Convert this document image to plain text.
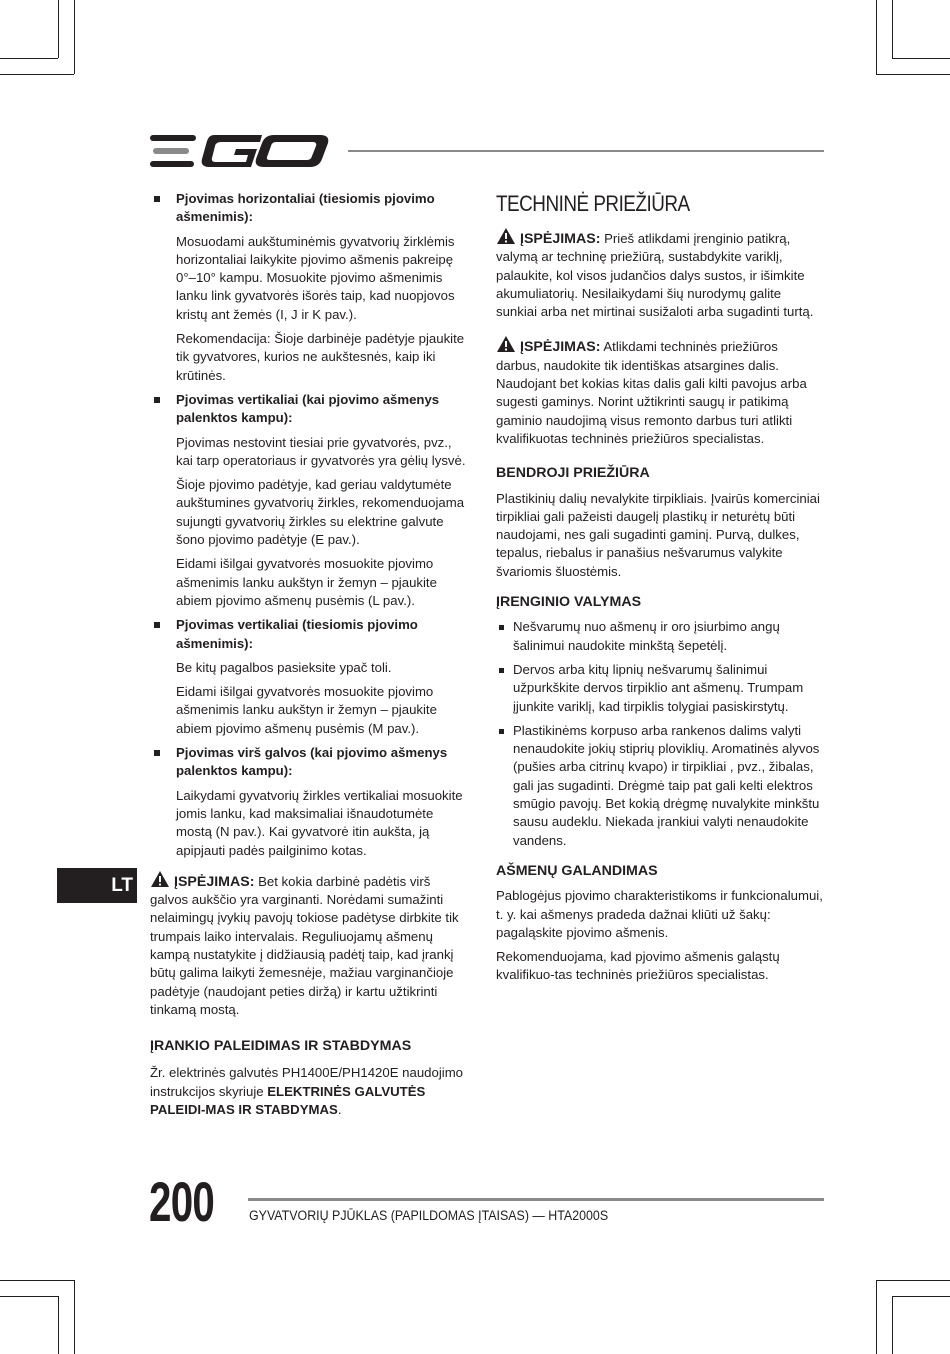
Pjovimas horizontaliai (tiesiomis pjovimo ašmenimis):
Mosuodami aukštuminėmis gyvatvorių žirklėmis horizontaliai laikykite pjovimo ašmenis pakreipę 0°–10° kampu. Mosuokite pjovimo ašmenimis lanku link gyvatvorės išorės taip, kad nuopjovos kristų ant žemės (I, J ir K pav.).
Rekomendacija: Šioje darbinėje padėtyje pjaukite tik gyvatvores, kurios ne aukštesnės, kaip iki krūtinės.
Pjovimas vertikaliai (kai pjovimo ašmenys palenktos kampu):
Pjovimas nestovint tiesiai prie gyvatvorės, pvz., kai tarp operatoriaus ir gyvatvorės yra gėlių lysvė.
Šioje pjovimo padėtyje, kad geriau valdytumėte aukštumines gyvatvorių žirkles, rekomenduojama sujungti gyvatvorių žirkles su elektrine galvute šono pjovimo padėtyje (E pav.).
Eidami išilgai gyvatvorės mosuokite pjovimo ašmenimis lanku aukštyn ir žemyn – pjaukite abiem pjovimo ašmenų pusėmis (L pav.).
Pjovimas vertikaliai (tiesiomis pjovimo ašmenimis):
Be kitų pagalbos pasieksite ypač toli.
Eidami išilgai gyvatvorės mosuokite pjovimo ašmenimis lanku aukštyn ir žemyn – pjaukite abiem pjovimo ašmenų pusėmis (M pav.).
Pjovimas virš galvos (kai pjovimo ašmenys palenktos kampu):
Laikydami gyvatvorių žirkles vertikaliai mosuokite jomis lanku, kad maksimaliai išnaudotumėte mostą (N pav.). Kai gyvatvorė itin aukšta, ją apipjauti padės pailginimo kotas.
ĮSPĖJIMAS: Bet kokia darbinė padėtis virš galvos aukščio yra varginanti. Norėdami sumažinti nelaimingų įvykių pavojų tokiose padėtyse dirbkite tik trumpais laiko intervalais. Reguliuojamų ašmenų kampą nustatykite į didžiausią padėtį taip, kad įrankį būtų galima laikyti žemesnėje, mažiau varginančioje padėtyje (naudojant peties diržą) ir kartu užtikrinti tinkamą mostą.
ĮRANKIO PALEIDIMAS IR STABDYMAS
Žr. elektrinės galvutės PH1400E/PH1420E naudojimo instrukcijos skyriuje ELEKTRINĖS GALVUTĖS PALEIDI-MAS IR STABDYMAS.
TECHNINĖ PRIEŽIŪRA
ĮSPĖJIMAS: Prieš atlikdami įrenginio patikrą, valymą ar techninę priežiūrą, sustabdykite variklį, palaukite, kol visos judančios dalys sustos, ir išimkite akumuliatorių. Nesilaikydami šių nurodymų galite sunkiai arba net mirtinai susižaloti arba sugadinti turtą.
ĮSPĖJIMAS: Atlikdami techninės priežiūros darbus, naudokite tik identiškas atsargines dalis. Naudojant bet kokias kitas dalis gali kilti pavojus arba sugesti gaminys. Norint užtikrinti saugų ir patikimą gaminio naudojimą visus remonto darbus turi atlikti kvalifikuotas techninės priežiūros specialistas.
BENDROJI PRIEŽIŪRA
Plastikinių dalių nevalykite tirpikliais. Įvairūs komerciniai tirpikliai gali pažeisti daugelį plastikų ir neturėtų būti naudojami, nes gali sugadinti gaminį. Purvą, dulkes, tepalus, riebalus ir panašius nešvarumus valykite švariomis šluostėmis.
ĮRENGINIO VALYMAS
Nešvarumų nuo ašmenų ir oro įsiurbimo angų šalinimui naudokite minkštą šepetėlį.
Dervos arba kitų lipnių nešvarumų šalinimui užpurkškite dervos tirpiklio ant ašmenų. Trumpam įjunkite variklį, kad tirpiklis tolygiai pasiskirstytų.
Plastikinėms korpuso arba rankenos dalims valyti nenaudokite jokių stiprių ploviklių. Aromatinės alyvos (pušies arba citrinų kvapo) ir tirpikliai , pvz., žibalas, gali jas sugadinti. Drėgmė taip pat gali kelti elektros smūgio pavojų. Bet kokią drėgmę nuvalykite minkštu sausu audeklu. Niekada įrankiui valyti nenaudokite vandens.
AŠMENŲ GALANDIMAS
Pablogėjus pjovimo charakteristikoms ir funkcionalumui, t. y. kai ašmenys pradeda dažnai kliūti už šakų: pagaląskite pjovimo ašmenis.
Rekomenduojama, kad pjovimo ašmenis galąstų kvalifikuo-tas techninės priežiūros specialistas.
LT
200	GYVATVORIŲ PJŪKLAS (PAPILDOMAS ĮTAISAS) — HTA2000S
